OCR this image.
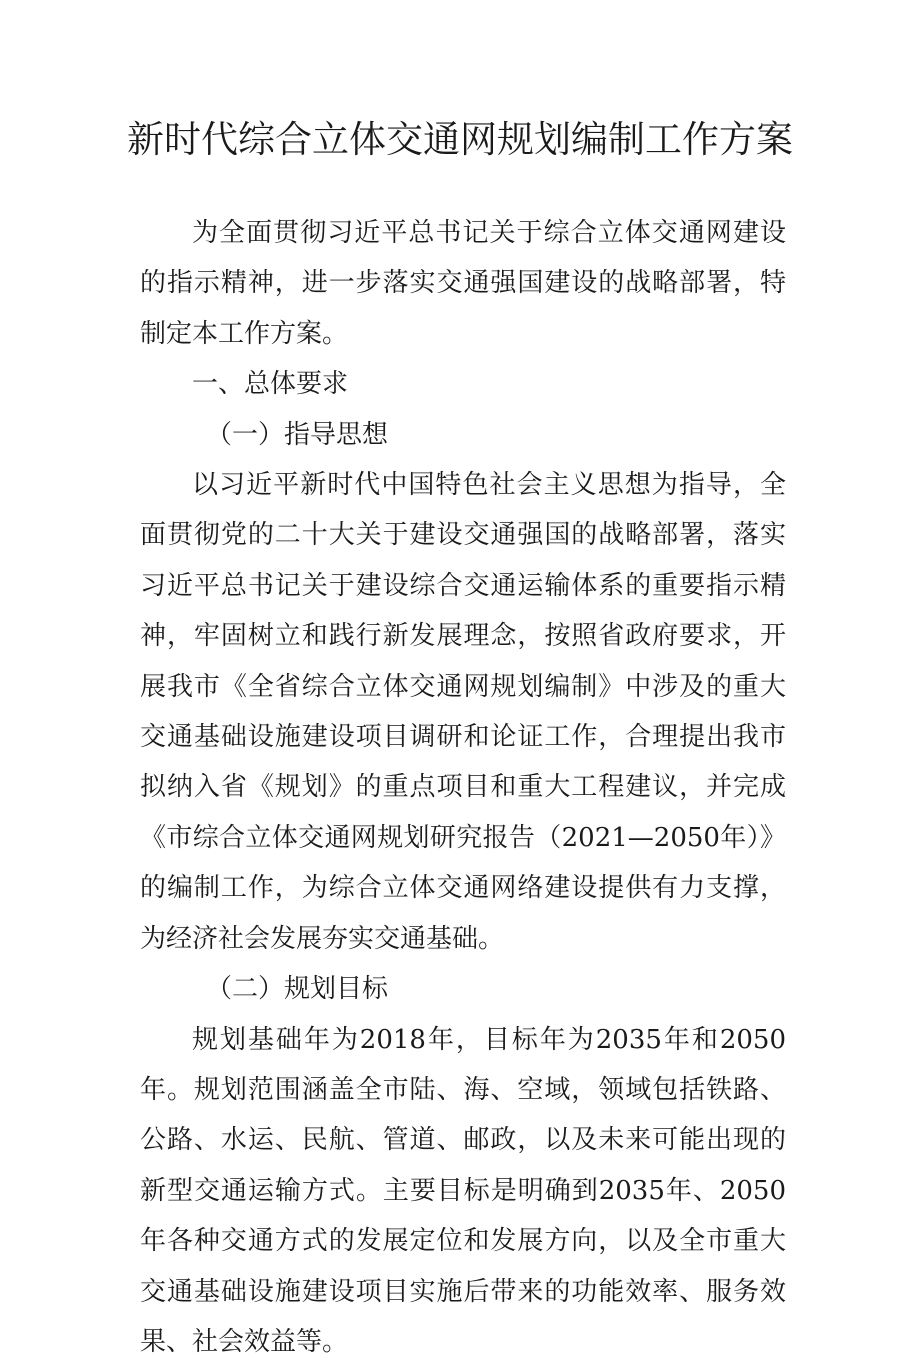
新时代综合立体交通网规划编制工作方案

为全面贯彻习近平总书记关于综合立体交通网建设的指示精神，进一步落实交通强国建设的战略部署，特制定本工作方案。

一、总体要求

（一）指导思想

以习近平新时代中国特色社会主义思想为指导，全面贯彻党的二十大关于建设交通强国的战略部署，落实习近平总书记关于建设综合交通运输体系的重要指示精神，牢固树立和践行新发展理念，按照省政府要求，开展我市《全省综合立体交通网规划编制》中涉及的重大交通基础设施建设项目调研和论证工作，合理提出我市拟纳入省《规划》的重点项目和重大工程建议，并完成《市综合立体交通网规划研究报告（2021—2050年）》的编制工作，为综合立体交通网络建设提供有力支撑，为经济社会发展夯实交通基础。

（二）规划目标

规划基础年为2018年，目标年为2035年和2050年。规划范围涵盖全市陆、海、空域，领域包括铁路、公路、水运、民航、管道、邮政，以及未来可能出现的新型交通运输方式。主要目标是明确到2035年、2050年各种交通方式的发展定位和发展方向，以及全市重大交通基础设施建设项目实施后带来的功能效率、服务效果、社会效益等。
